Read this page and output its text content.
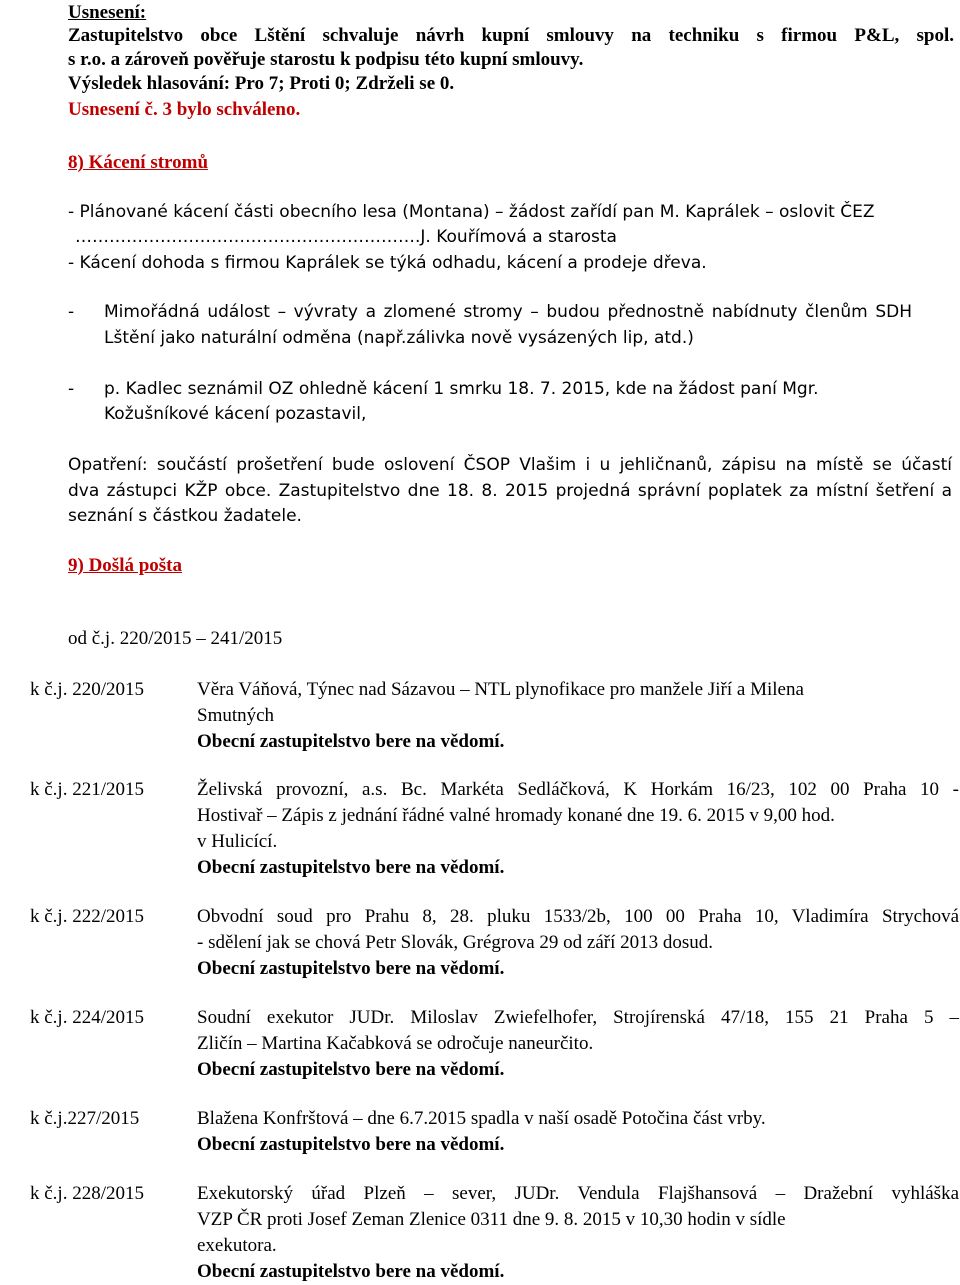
Usnesení:
Zastupitelstvo obce Lštění schvaluje návrh kupní smlouvy na techniku s firmou P&L, spol.
s r.o. a zároveň pověřuje starostu k podpisu této kupní smlouvy.
Výsledek hlasování: Pro 7; Proti 0; Zdrželi se 0.
Usnesení č. 3 bylo schváleno.
8) Kácení stromů
- Plánované kácení části obecního lesa (Montana) – žádost zařídí pan M. Kaprálek – oslovit ČEZ
…………………………………………………….J. Kouřímová a starosta
- Kácení dohoda s firmou Kaprálek se týká odhadu, kácení a prodeje dřeva.
- Mimořádná událost – vývraty a zlomené stromy – budou přednostně nabídnuty členům SDH
Lštění jako naturální odměna (např.zálivka nově vysázených lip, atd.)
- p. Kadlec seznámil OZ ohledně kácení 1 smrku 18. 7. 2015, kde na žádost paní Mgr.
Kožušníkové kácení pozastavil,
Opatření: součástí prošetření bude oslovení ČSOP Vlašim i u jehličnanů, zápisu na místě se účastí
dva zástupci KŽP obce. Zastupitelstvo dne 18. 8. 2015 projedná správní poplatek za místní šetření a
seznání s částkou žadatele.
9) Došlá pošta
od č.j. 220/2015 – 241/2015
k č.j. 220/2015	Věra Váňová, Týnec nad Sázavou – NTL plynofikace pro manžele Jiří a Milena
Smutných
Obecní zastupitelstvo bere na vědomí.
k č.j. 221/2015	Želivská provozní, a.s. Bc. Markéta Sedláčková, K Horkám 16/23, 102 00 Praha 10 -
Hostivař – Zápis z jednání řádné valné hromady konané dne 19. 6. 2015 v 9,00 hod.
v Hulicící.
Obecní zastupitelstvo bere na vědomí.
k č.j. 222/2015	Obvodní soud pro Prahu 8, 28. pluku 1533/2b, 100 00 Praha 10, Vladimíra Strychová
- sdělení jak se chová Petr Slovák, Grégrova 29 od září 2013 dosud.
Obecní zastupitelstvo bere na vědomí.
k č.j. 224/2015	Soudní exekutor JUDr. Miloslav Zwiefelhofer, Strojírenská 47/18, 155 21 Praha 5 –
Zličín – Martina Kačabková se odročuje naneurčito.
Obecní zastupitelstvo bere na vědomí.
k č.j.227/2015	Blažena Konfrštová – dne 6.7.2015 spadla v naší osadě Potočina část vrby.
Obecní zastupitelstvo bere na vědomí.
k č.j. 228/2015	Exekutorský úřad Plzeň – sever, JUDr. Vendula Flajšhansová – Dražební vyhláška
VZP ČR proti Josef Zeman Zlenice 0311 dne 9. 8. 2015 v 10,30 hodin v sídle
exekutora.
Obecní zastupitelstvo bere na vědomí.
